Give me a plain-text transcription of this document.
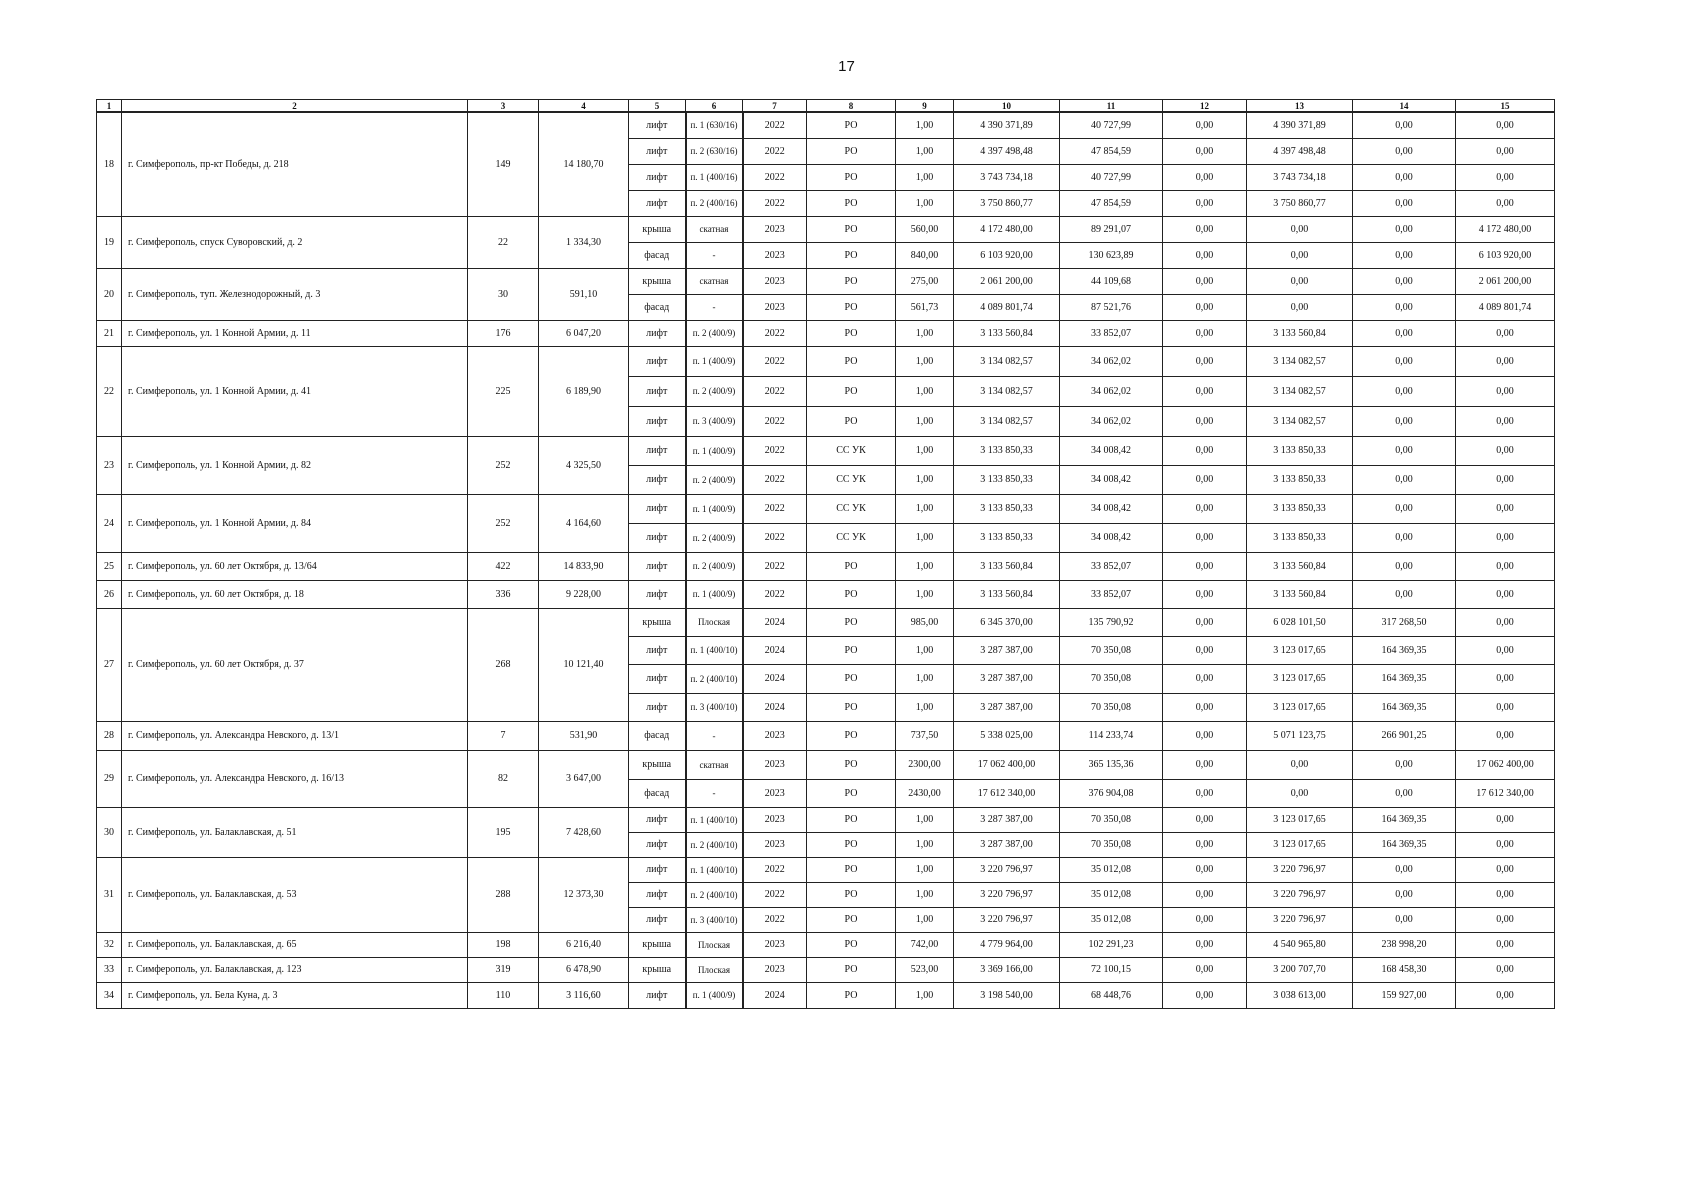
17
1	2	3	4	5	6	7	8	9	10	11	12	13	14	15
18	г. Симферополь, пр-кт Победы, д. 218	149	14 180,70	лифт	п. 1 (630/16)	2022	РО	1,00	4 390 371,89	40 727,99	0,00	4 390 371,89	0,00	0,00
				лифт	п. 2 (630/16)	2022	РО	1,00	4 397 498,48	47 854,59	0,00	4 397 498,48	0,00	0,00
				лифт	п. 1 (400/16)	2022	РО	1,00	3 743 734,18	40 727,99	0,00	3 743 734,18	0,00	0,00
				лифт	п. 2 (400/16)	2022	РО	1,00	3 750 860,77	47 854,59	0,00	3 750 860,77	0,00	0,00
19	г. Симферополь, спуск Суворовский, д. 2	22	1 334,30	крыша	скатная	2023	РО	560,00	4 172 480,00	89 291,07	0,00	0,00	0,00	4 172 480,00
				фасад	-	2023	РО	840,00	6 103 920,00	130 623,89	0,00	0,00	0,00	6 103 920,00
20	г. Симферополь, туп. Железнодорожный, д. 3	30	591,10	крыша	скатная	2023	РО	275,00	2 061 200,00	44 109,68	0,00	0,00	0,00	2 061 200,00
				фасад	-	2023	РО	561,73	4 089 801,74	87 521,76	0,00	0,00	0,00	4 089 801,74
21	г. Симферополь, ул. 1 Конной Армии, д. 11	176	6 047,20	лифт	п. 2 (400/9)	2022	РО	1,00	3 133 560,84	33 852,07	0,00	3 133 560,84	0,00	0,00
22	г. Симферополь, ул. 1 Конной Армии, д. 41	225	6 189,90	лифт	п. 1 (400/9)	2022	РО	1,00	3 134 082,57	34 062,02	0,00	3 134 082,57	0,00	0,00
				лифт	п. 2 (400/9)	2022	РО	1,00	3 134 082,57	34 062,02	0,00	3 134 082,57	0,00	0,00
				лифт	п. 3 (400/9)	2022	РО	1,00	3 134 082,57	34 062,02	0,00	3 134 082,57	0,00	0,00
23	г. Симферополь, ул. 1 Конной Армии, д. 82	252	4 325,50	лифт	п. 1 (400/9)	2022	СС УК	1,00	3 133 850,33	34 008,42	0,00	3 133 850,33	0,00	0,00
				лифт	п. 2 (400/9)	2022	СС УК	1,00	3 133 850,33	34 008,42	0,00	3 133 850,33	0,00	0,00
24	г. Симферополь, ул. 1 Конной Армии, д. 84	252	4 164,60	лифт	п. 1 (400/9)	2022	СС УК	1,00	3 133 850,33	34 008,42	0,00	3 133 850,33	0,00	0,00
				лифт	п. 2 (400/9)	2022	СС УК	1,00	3 133 850,33	34 008,42	0,00	3 133 850,33	0,00	0,00
25	г. Симферополь, ул. 60 лет Октября, д. 13/64	422	14 833,90	лифт	п. 2 (400/9)	2022	РО	1,00	3 133 560,84	33 852,07	0,00	3 133 560,84	0,00	0,00
26	г. Симферополь, ул. 60 лет Октября, д. 18	336	9 228,00	лифт	п. 1 (400/9)	2022	РО	1,00	3 133 560,84	33 852,07	0,00	3 133 560,84	0,00	0,00
27	г. Симферополь, ул. 60 лет Октября, д. 37	268	10 121,40	крыша	Плоская	2024	РО	985,00	6 345 370,00	135 790,92	0,00	6 028 101,50	317 268,50	0,00
				лифт	п. 1 (400/10)	2024	РО	1,00	3 287 387,00	70 350,08	0,00	3 123 017,65	164 369,35	0,00
				лифт	п. 2 (400/10)	2024	РО	1,00	3 287 387,00	70 350,08	0,00	3 123 017,65	164 369,35	0,00
				лифт	п. 3 (400/10)	2024	РО	1,00	3 287 387,00	70 350,08	0,00	3 123 017,65	164 369,35	0,00
28	г. Симферополь, ул. Александра Невского, д. 13/1	7	531,90	фасад	-	2023	РО	737,50	5 338 025,00	114 233,74	0,00	5 071 123,75	266 901,25	0,00
29	г. Симферополь, ул. Александра Невского, д. 16/13	82	3 647,00	крыша	скатная	2023	РО	2300,00	17 062 400,00	365 135,36	0,00	0,00	0,00	17 062 400,00
				фасад	-	2023	РО	2430,00	17 612 340,00	376 904,08	0,00	0,00	0,00	17 612 340,00
30	г. Симферополь, ул. Балаклавская, д. 51	195	7 428,60	лифт	п. 1 (400/10)	2023	РО	1,00	3 287 387,00	70 350,08	0,00	3 123 017,65	164 369,35	0,00
				лифт	п. 2 (400/10)	2023	РО	1,00	3 287 387,00	70 350,08	0,00	3 123 017,65	164 369,35	0,00
31	г. Симферополь, ул. Балаклавская, д. 53	288	12 373,30	лифт	п. 1 (400/10)	2022	РО	1,00	3 220 796,97	35 012,08	0,00	3 220 796,97	0,00	0,00
				лифт	п. 2 (400/10)	2022	РО	1,00	3 220 796,97	35 012,08	0,00	3 220 796,97	0,00	0,00
				лифт	п. 3 (400/10)	2022	РО	1,00	3 220 796,97	35 012,08	0,00	3 220 796,97	0,00	0,00
32	г. Симферополь, ул. Балаклавская, д. 65	198	6 216,40	крыша	Плоская	2023	РО	742,00	4 779 964,00	102 291,23	0,00	4 540 965,80	238 998,20	0,00
33	г. Симферополь, ул. Балаклавская, д. 123	319	6 478,90	крыша	Плоская	2023	РО	523,00	3 369 166,00	72 100,15	0,00	3 200 707,70	168 458,30	0,00
34	г. Симферополь, ул. Бела Куна, д. 3	110	3 116,60	лифт	п. 1 (400/9)	2024	РО	1,00	3 198 540,00	68 448,76	0,00	3 038 613,00	159 927,00	0,00
